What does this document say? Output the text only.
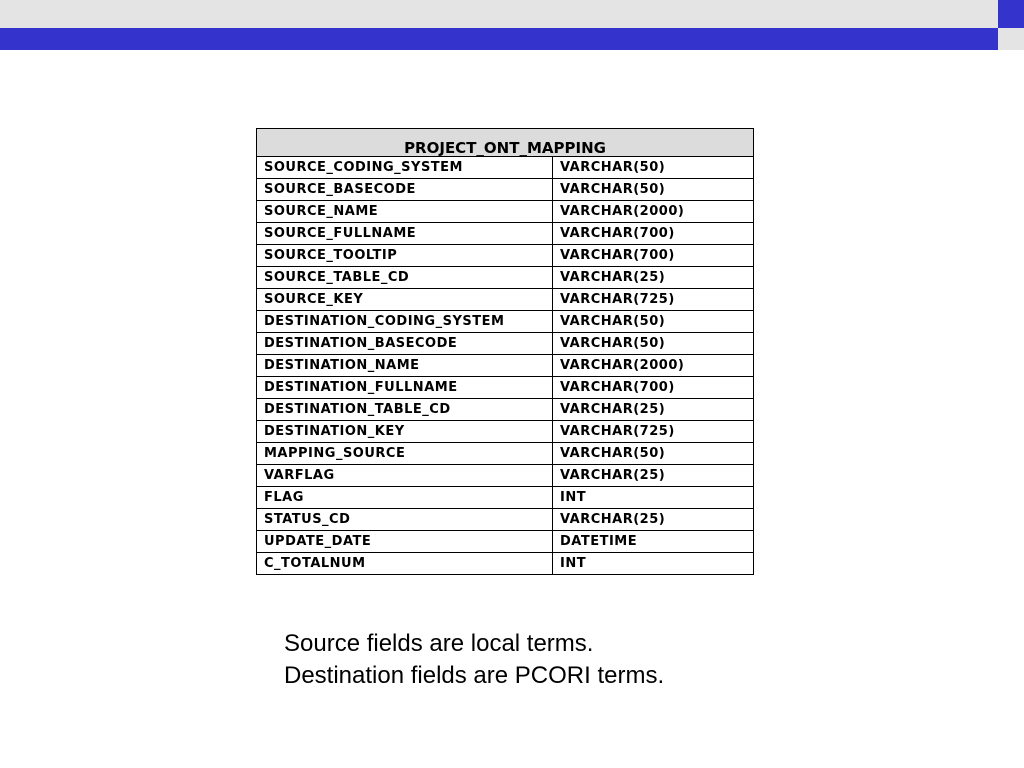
PROJECT_ONT_MAPPING	
SOURCE_CODING_SYSTEM	VARCHAR(50)
SOURCE_BASECODE	VARCHAR(50)
SOURCE_NAME	VARCHAR(2000)
SOURCE_FULLNAME	VARCHAR(700)
SOURCE_TOOLTIP	VARCHAR(700)
SOURCE_TABLE_CD	VARCHAR(25)
SOURCE_KEY	VARCHAR(725)
DESTINATION_CODING_SYSTEM	VARCHAR(50)
DESTINATION_BASECODE	VARCHAR(50)
DESTINATION_NAME	VARCHAR(2000)
DESTINATION_FULLNAME	VARCHAR(700)
DESTINATION_TABLE_CD	VARCHAR(25)
DESTINATION_KEY	VARCHAR(725)
MAPPING_SOURCE	VARCHAR(50)
VARFLAG	VARCHAR(25)
FLAG	INT
STATUS_CD	VARCHAR(25)
UPDATE_DATE	DATETIME
C_TOTALNUM	INT
Source fields are local terms.
Destination fields are PCORI terms.
